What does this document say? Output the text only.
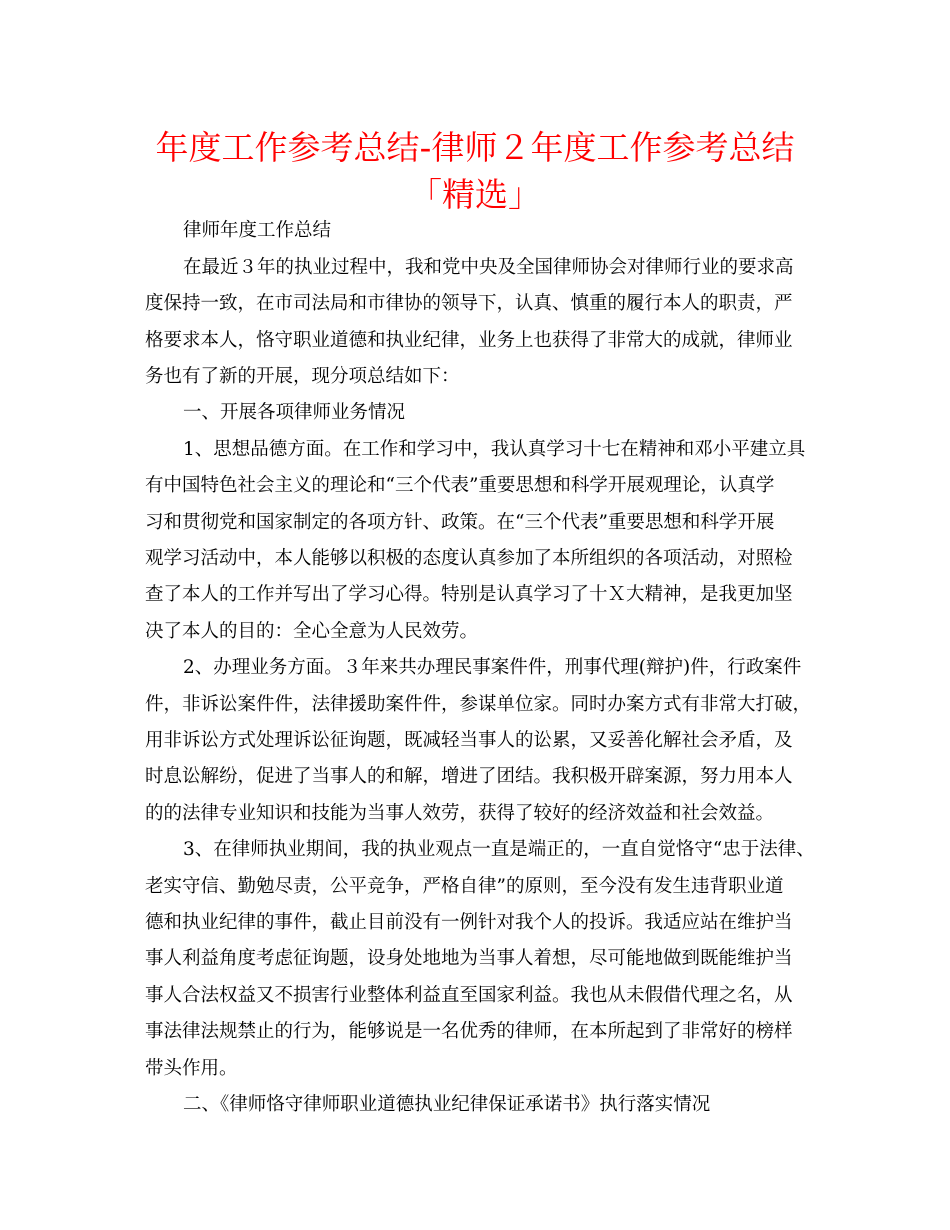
年度工作参考总结-律师２年度工作参考总结
「精选」
律师年度工作总结
在最近３年的执业过程中，我和党中央及全国律师协会对律师行业的要求高
度保持一致，在市司法局和市律协的领导下，认真、慎重的履行本人的职责，严
格要求本人，恪守职业道德和执业纪律，业务上也获得了非常大的成就，律师业
务也有了新的开展，现分项总结如下：
一、开展各项律师业务情况
1、思想品德方面。在工作和学习中，我认真学习十七在精神和邓小平建立具
有中国特色社会主义的理论和“三个代表”重要思想和科学开展观理论，认真学
习和贯彻党和国家制定的各项方针、政策。在“三个代表”重要思想和科学开展
观学习活动中，本人能够以积极的态度认真参加了本所组织的各项活动，对照检
查了本人的工作并写出了学习心得。特别是认真学习了十Ｘ大精神，是我更加坚
决了本人的目的：全心全意为人民效劳。
2、办理业务方面。３年来共办理民事案件件，刑事代理(辩护)件，行政案件
件，非诉讼案件件，法律援助案件件，参谋单位家。同时办案方式有非常大打破，
用非诉讼方式处理诉讼征询题，既减轻当事人的讼累，又妥善化解社会矛盾，及
时息讼解纷，促进了当事人的和解，增进了团结。我积极开辟案源，努力用本人
的的法律专业知识和技能为当事人效劳，获得了较好的经济效益和社会效益。
3、在律师执业期间，我的执业观点一直是端正的，一直自觉恪守“忠于法律、
老实守信、勤勉尽责，公平竞争，严格自律”的原则，至今没有发生违背职业道
德和执业纪律的事件，截止目前没有一例针对我个人的投诉。我适应站在维护当
事人利益角度考虑征询题，设身处地地为当事人着想，尽可能地做到既能维护当
事人合法权益又不损害行业整体利益直至国家利益。我也从未假借代理之名，从
事法律法规禁止的行为，能够说是一名优秀的律师，在本所起到了非常好的榜样
带头作用。
二、《律师恪守律师职业道德执业纪律保证承诺书》执行落实情况
